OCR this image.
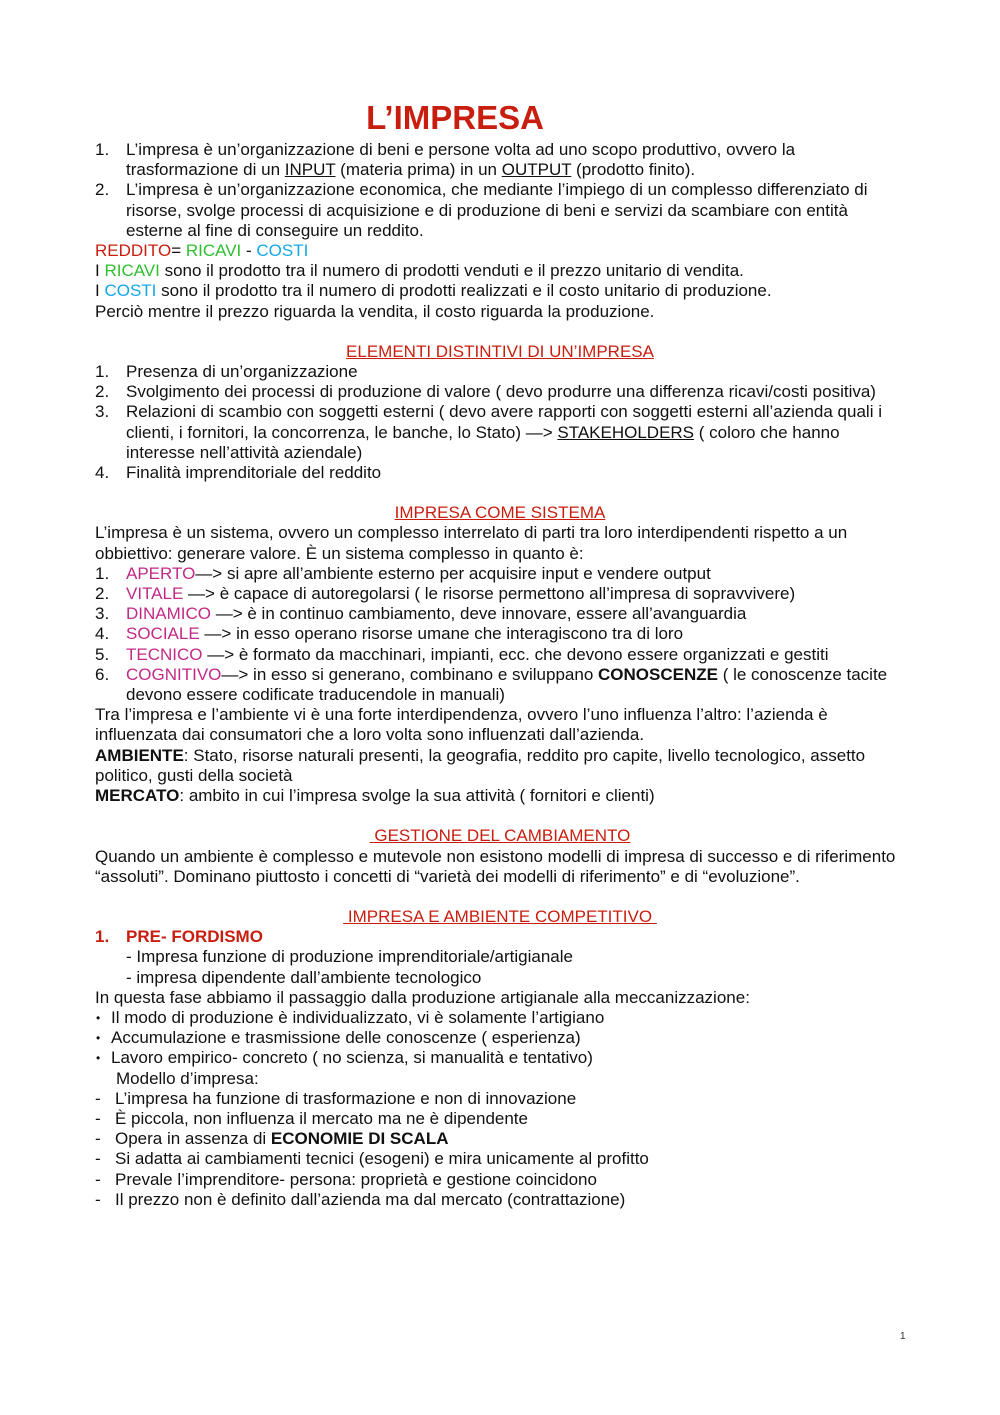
L’IMPRESA
1. L’impresa è un’organizzazione di beni e persone volta ad uno scopo produttivo, ovvero la trasformazione di un INPUT (materia prima) in un OUTPUT (prodotto finito).
2. L’impresa è un’organizzazione economica, che mediante l’impiego di un complesso differenziato di risorse, svolge processi di acquisizione e di produzione di beni e servizi da scambiare con entità esterne al fine di conseguire un reddito.
REDDITO= RICAVI - COSTI
I RICAVI sono il prodotto tra il numero di prodotti venduti e il prezzo unitario di vendita.
I COSTI sono il prodotto tra il numero di prodotti realizzati e il costo unitario di produzione.
Perciò mentre il prezzo riguarda la vendita, il costo riguarda la produzione.
ELEMENTI DISTINTIVI DI UN’IMPRESA
1. Presenza di un’organizzazione
2. Svolgimento dei processi di produzione di valore ( devo produrre una differenza ricavi/costi positiva)
3. Relazioni di scambio con soggetti esterni ( devo avere rapporti con soggetti esterni all’azienda quali i clienti, i fornitori, la concorrenza, le banche, lo Stato) —> STAKEHOLDERS ( coloro che hanno interesse nell’attività aziendale)
4. Finalità imprenditoriale del reddito
IMPRESA COME SISTEMA
L’impresa è un sistema, ovvero un complesso interrelato di parti tra loro interdipendenti rispetto a un obbiettivo: generare valore. È un sistema complesso in quanto è:
1. APERTO—> si apre all’ambiente esterno per acquisire input e vendere output
2. VITALE —> è capace di autoregolarsi ( le risorse permettono all’impresa di sopravvivere)
3. DINAMICO —> è in continuo cambiamento, deve innovare, essere all’avanguardia
4. SOCIALE —> in esso operano risorse umane che interagiscono tra di loro
5. TECNICO —> è formato da macchinari, impianti, ecc. che devono essere organizzati e gestiti
6. COGNITIVO—> in esso si generano, combinano e sviluppano CONOSCENZE ( le conoscenze tacite devono essere codificate traducendole in manuali)
Tra l’impresa e l’ambiente vi è una forte interdipendenza, ovvero l’uno influenza l’altro: l’azienda è influenzata dai consumatori che a loro volta sono influenzati dall’azienda.
AMBIENTE: Stato, risorse naturali presenti, la geografia, reddito pro capite, livello tecnologico, assetto politico, gusti della società
MERCATO: ambito in cui l’impresa svolge la sua attività ( fornitori e clienti)
GESTIONE DEL CAMBIAMENTO
Quando un ambiente è complesso e mutevole non esistono modelli di impresa di successo e di riferimento “assoluti”. Dominano piuttosto i concetti di “varietà dei modelli di riferimento” e di “evoluzione”.
IMPRESA E AMBIENTE COMPETITIVO
1. PRE- FORDISMO
- Impresa funzione di produzione imprenditoriale/artigianale
- impresa dipendente dall’ambiente tecnologico
In questa fase abbiamo il passaggio dalla produzione artigianale alla meccanizzazione:
• Il modo di produzione è individualizzato, vi è solamente l’artigiano
• Accumulazione e trasmissione delle conoscenze ( esperienza)
• Lavoro empirico- concreto ( no scienza, si manualità e tentativo)
Modello d’impresa:
- L’impresa ha funzione di trasformazione e non di innovazione
- È piccola, non influenza il mercato ma ne è dipendente
- Opera in assenza di ECONOMIE DI SCALA
- Si adatta ai cambiamenti tecnici (esogeni) e mira unicamente al profitto
- Prevale l’imprenditore- persona: proprietà e gestione coincidono
- Il prezzo non è definito dall’azienda ma dal mercato (contrattazione)
1
